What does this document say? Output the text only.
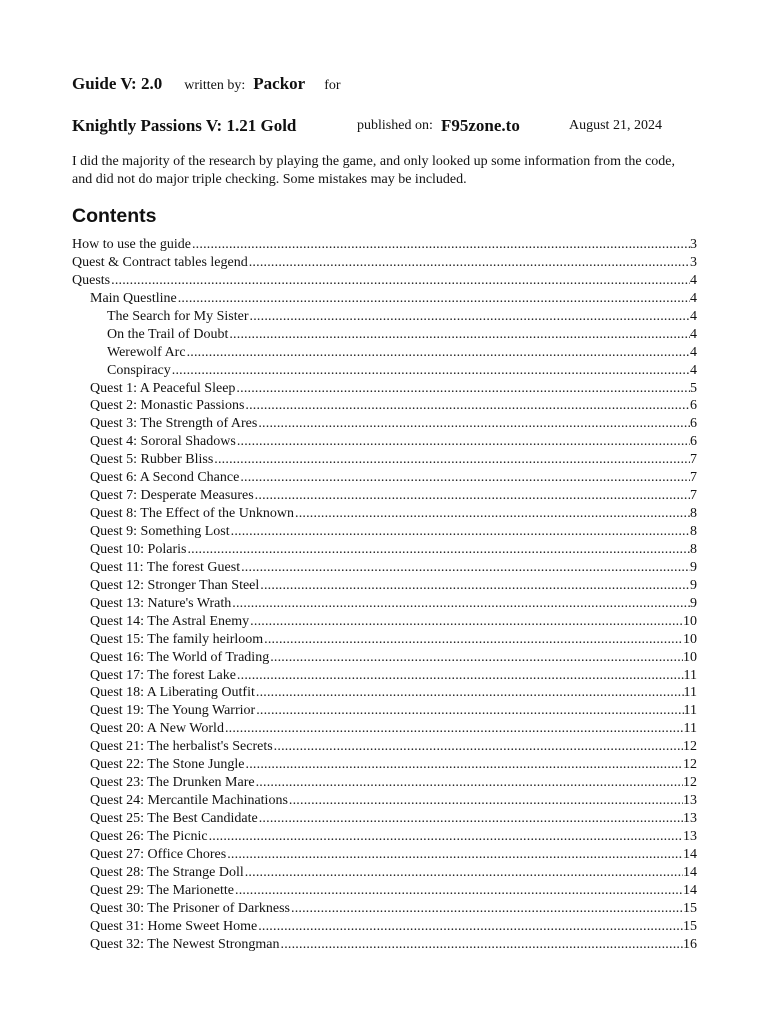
Guide V: 2.0 written by: Packor for
Knightly Passions V: 1.21 Gold	published on: F95zone.to	August 21, 2024

I did the majority of the research by playing the game, and only looked up some information from the code, and did not do major triple checking. Some mistakes may be included.

Contents
How to use the guide .....	3
Quest & Contract tables legend .....	3
Quests .....	4
Main Questline .....	4
The Search for My Sister .....	4
On the Trail of Doubt .....	4
Werewolf Arc .....	4
Conspiracy .....	4
Quest 1: A Peaceful Sleep .....	5
Quest 2: Monastic Passions .....	6
Quest 3: The Strength of Ares .....	6
Quest 4: Sororal Shadows .....	6
Quest 5: Rubber Bliss .....	7
Quest 6: A Second Chance .....	7
Quest 7: Desperate Measures .....	7
Quest 8: The Effect of the Unknown .....	8
Quest 9: Something Lost .....	8
Quest 10: Polaris .....	8
Quest 11: The forest Guest .....	9
Quest 12: Stronger Than Steel .....	9
Quest 13: Nature's Wrath .....	9
Quest 14: The Astral Enemy .....	10
Quest 15: The family heirloom .....	10
Quest 16: The World of Trading .....	10
Quest 17: The forest Lake .....	11
Quest 18: A Liberating Outfit .....	11
Quest 19: The Young Warrior .....	11
Quest 20: A New World .....	11
Quest 21: The herbalist's Secrets .....	12
Quest 22: The Stone Jungle .....	12
Quest 23: The Drunken Mare .....	12
Quest 24: Mercantile Machinations .....	13
Quest 25: The Best Candidate .....	13
Quest 26: The Picnic .....	13
Quest 27: Office Chores .....	14
Quest 28: The Strange Doll .....	14
Quest 29: The Marionette .....	14
Quest 30: The Prisoner of Darkness .....	15
Quest 31: Home Sweet Home .....	15
Quest 32: The Newest Strongman .....	16
